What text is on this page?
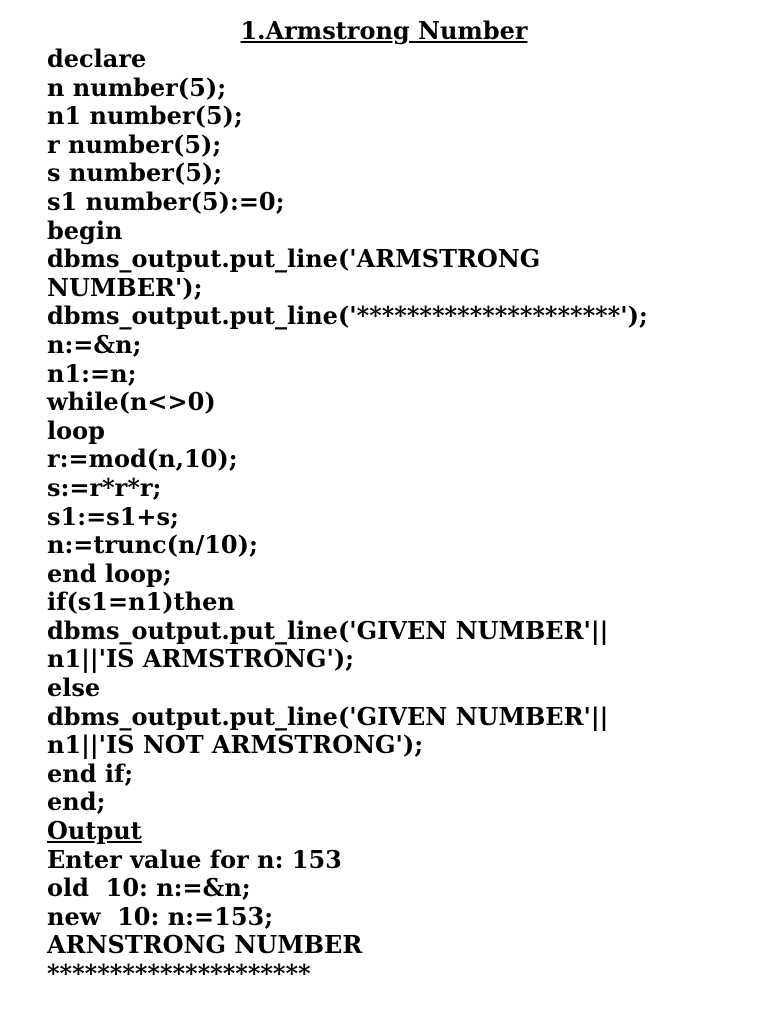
1.Armstrong Number
declare
n number(5);
n1 number(5);
r number(5);
s number(5);
s1 number(5):=0;
begin
dbms_output.put_line('ARMSTRONG
NUMBER');
dbms_output.put_line('*********************');
n:=&n;
n1:=n;
while(n<>0)
loop
r:=mod(n,10);
s:=r*r*r;
s1:=s1+s;
n:=trunc(n/10);
end loop;
if(s1=n1)then
dbms_output.put_line('GIVEN NUMBER'||
n1||'IS ARMSTRONG');
else
dbms_output.put_line('GIVEN NUMBER'||
n1||'IS NOT ARMSTRONG');
end if;
end;
Output
Enter value for n: 153
old  10: n:=&n;
new  10: n:=153;
ARNSTRONG NUMBER
*********************
